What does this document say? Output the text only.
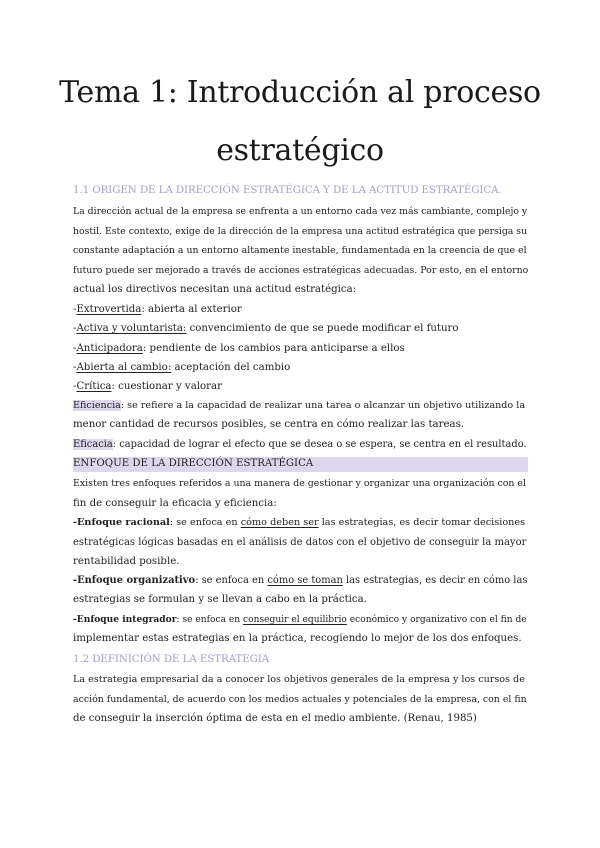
Tema 1: Introducción al proceso
estratégico
1.1 ORIGEN DE LA DIRECCIÓN ESTRATÉGICA Y DE LA ACTITUD ESTRATÉGICA.
La dirección actual de la empresa se enfrenta a un entorno cada vez más cambiante, complejo y
hostil. Este contexto, exige de la dirección de la empresa una actitud estratégica que persiga su
constante adaptación a un entorno altamente inestable, fundamentada en la creencia de que el
futuro puede ser mejorado a través de acciones estratégicas adecuadas. Por esto, en el entorno
actual los directivos necesitan una actitud estratégica:
-Extrovertida: abierta al exterior
-Activa y voluntarista: convencimiento de que se puede modificar el futuro
-Anticipadora: pendiente de los cambios para anticiparse a ellos
-Abierta al cambio: aceptación del cambio
-Crítica: cuestionar y valorar
Eficiencia: se refiere a la capacidad de realizar una tarea o alcanzar un objetivo utilizando la
menor cantidad de recursos posibles, se centra en cómo realizar las tareas.
Eficacia: capacidad de lograr el efecto que se desea o se espera, se centra en el resultado.
ENFOQUE DE LA DIRECCIÓN ESTRATÉGICA
Existen tres enfoques referidos a una manera de gestionar y organizar una organización con el
fin de conseguir la eficacia y eficiencia:
-Enfoque racional: se enfoca en cómo deben ser las estrategias, es decir tomar decisiones
estratégicas lógicas basadas en el análisis de datos con el objetivo de conseguir la mayor
rentabilidad posible.
-Enfoque organizativo: se enfoca en cómo se toman las estrategias, es decir en cómo las
estrategias se formulan y se llevan a cabo en la práctica.
-Enfoque integrador: se enfoca en conseguir el equilibrio económico y organizativo con el fin de
implementar estas estrategias en la práctica, recogiendo lo mejor de los dos enfoques.
1.2 DEFINICIÓN DE LA ESTRATEGIA
La estrategia empresarial da a conocer los objetivos generales de la empresa y los cursos de
acción fundamental, de acuerdo con los medios actuales y potenciales de la empresa, con el fin
de conseguir la inserción óptima de esta en el medio ambiente. (Renau, 1985)
